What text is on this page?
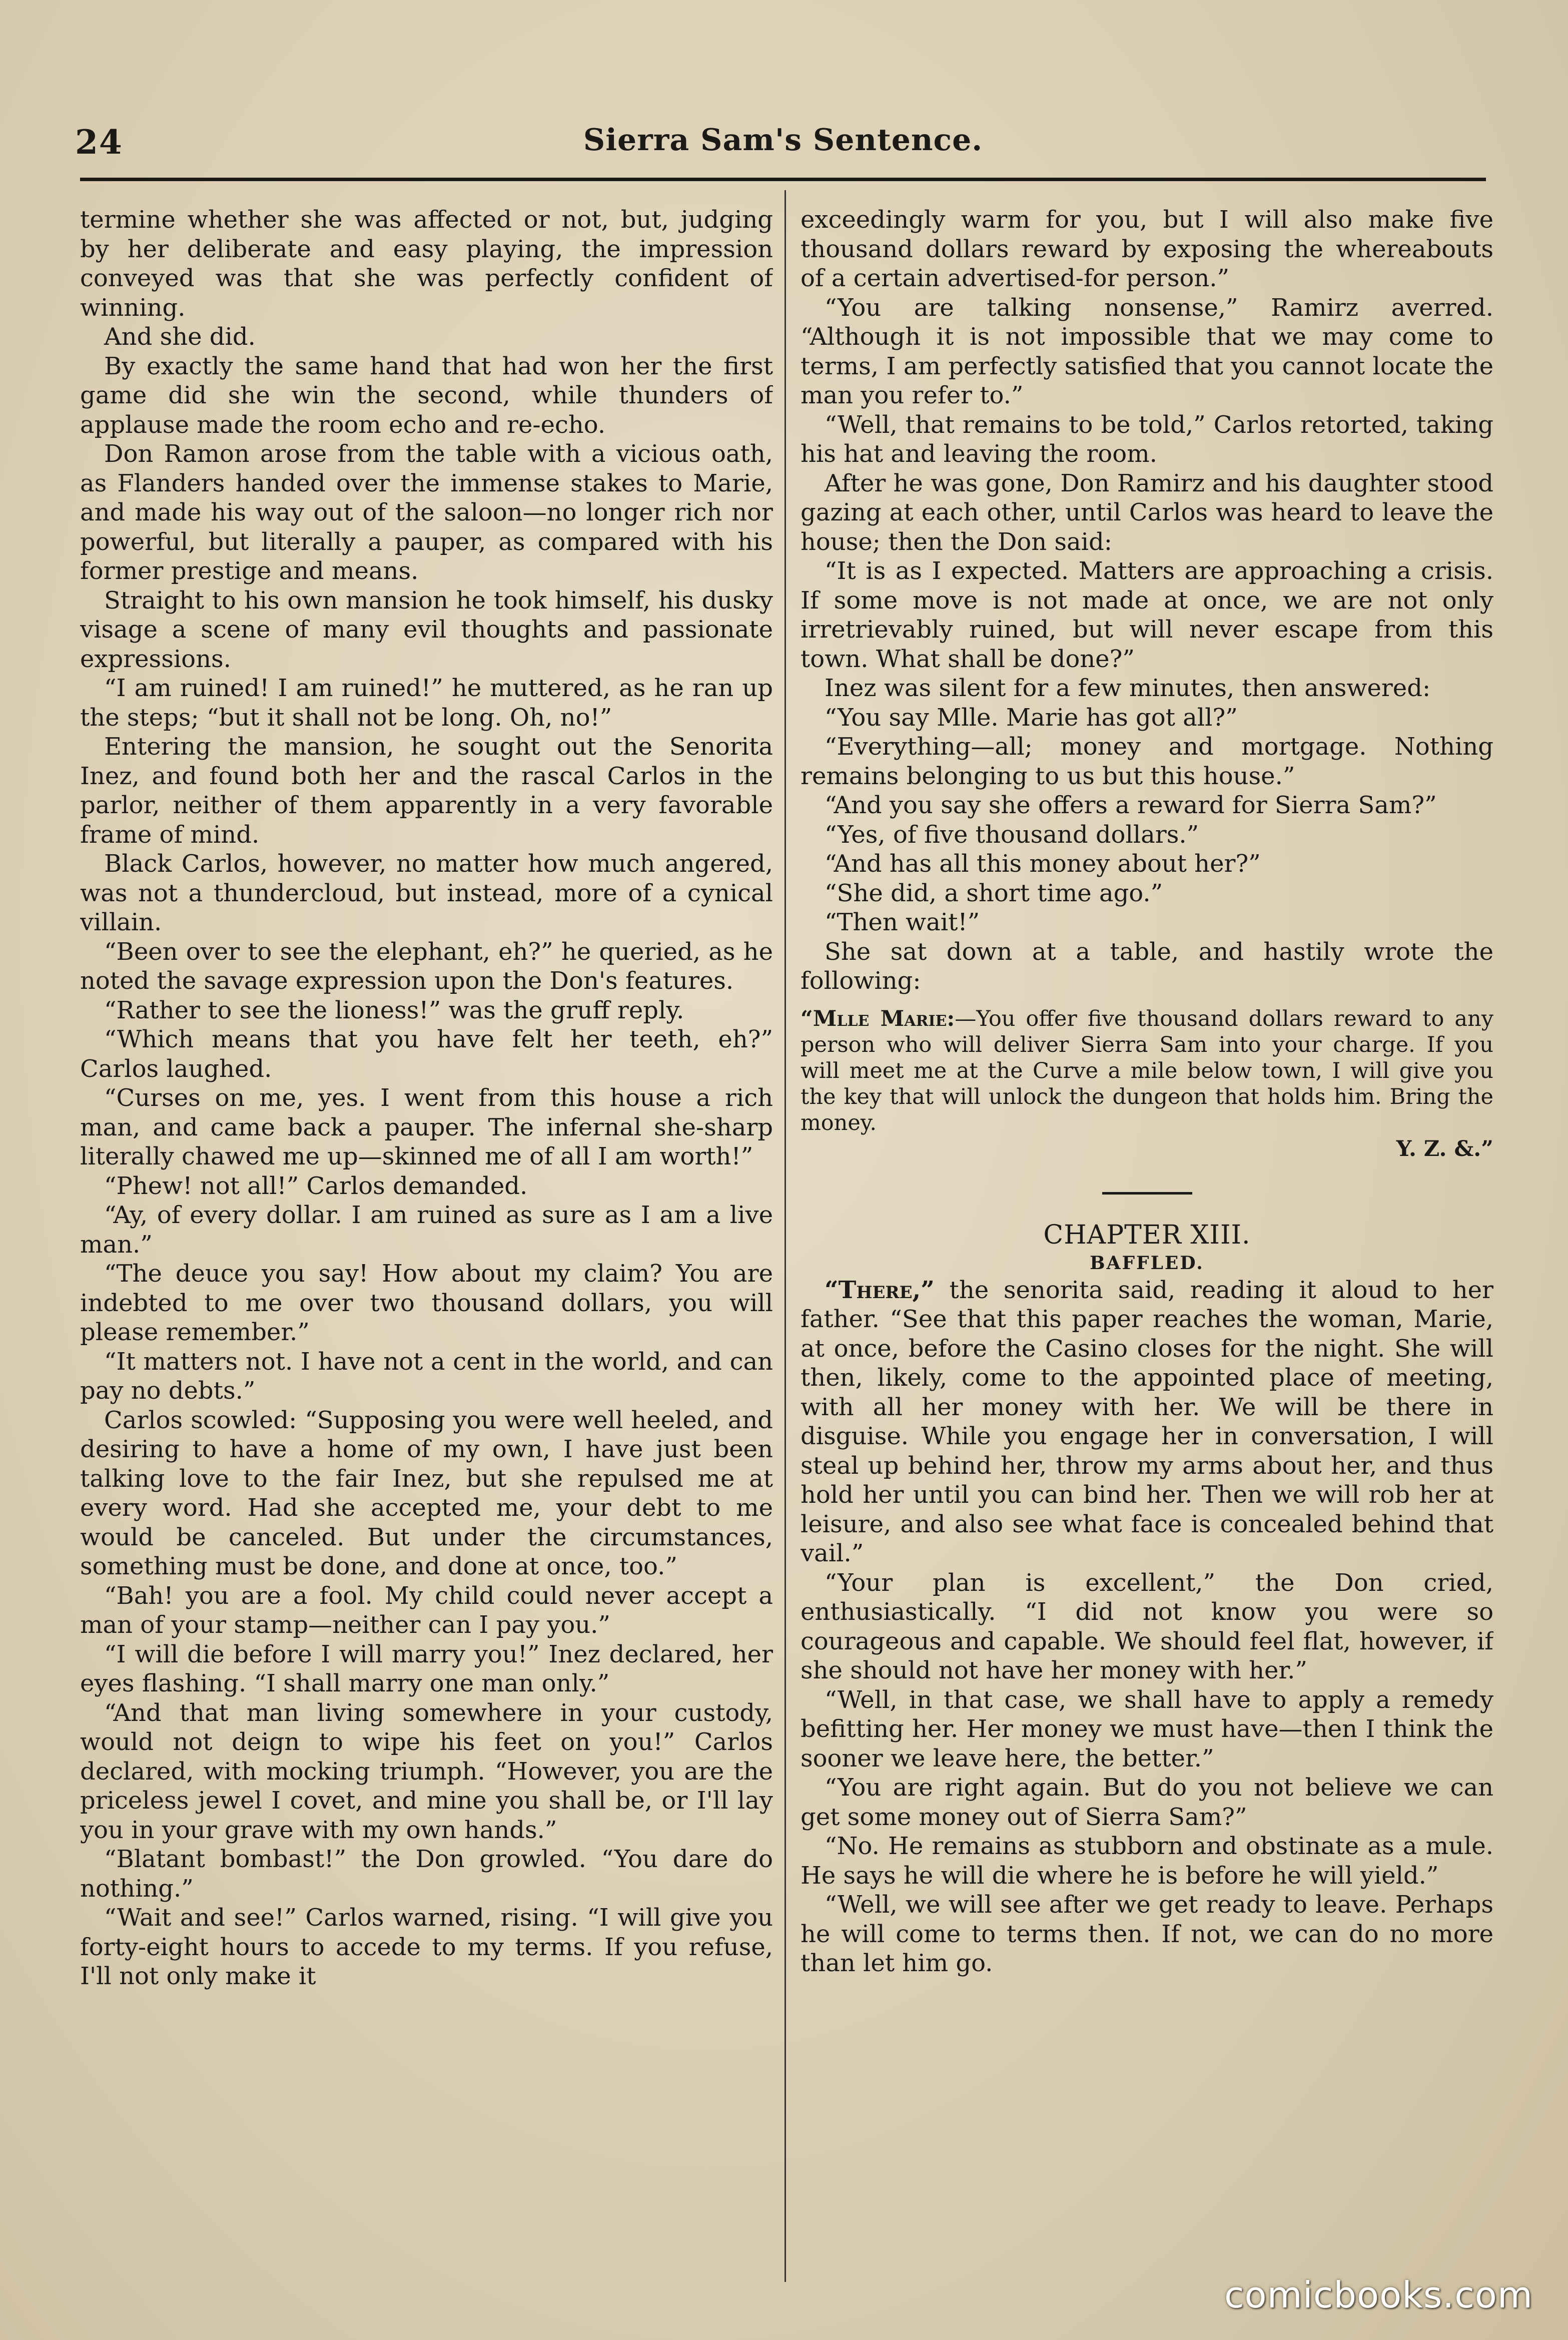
24	Sierra Sam's Sentence.

termine whether she was affected or not, but, judging by her deliberate and easy playing, the impression conveyed was that she was perfectly confident of winning.

And she did.

By exactly the same hand that had won her the first game did she win the second, while thunders of applause made the room echo and re-echo.

Don Ramon arose from the table with a vicious oath, as Flanders handed over the immense stakes to Marie, and made his way out of the saloon—no longer rich nor powerful, but literally a pauper, as compared with his former prestige and means.

Straight to his own mansion he took himself, his dusky visage a scene of many evil thoughts and passionate expressions.

“I am ruined! I am ruined!” he muttered, as he ran up the steps; “but it shall not be long. Oh, no!”

Entering the mansion, he sought out the Senorita Inez, and found both her and the rascal Carlos in the parlor, neither of them apparently in a very favorable frame of mind.

Black Carlos, however, no matter how much angered, was not a thundercloud, but instead, more of a cynical villain.

“Been over to see the elephant, eh?” he queried, as he noted the savage expression upon the Don's features.

“Rather to see the lioness!” was the gruff reply.

“Which means that you have felt her teeth, eh?” Carlos laughed.

“Curses on me, yes. I went from this house a rich man, and came back a pauper. The infernal she-sharp literally chawed me up—skinned me of all I am worth!”

“Phew! not all!” Carlos demanded.

“Ay, of every dollar. I am ruined as sure as I am a live man.”

“The deuce you say! How about my claim? You are indebted to me over two thousand dollars, you will please remember.”

“It matters not. I have not a cent in the world, and can pay no debts.”

Carlos scowled: “Supposing you were well heeled, and desiring to have a home of my own, I have just been talking love to the fair Inez, but she repulsed me at every word. Had she accepted me, your debt to me would be canceled. But under the circumstances, something must be done, and done at once, too.”

“Bah! you are a fool. My child could never accept a man of your stamp—neither can I pay you.”

“I will die before I will marry you!” Inez declared, her eyes flashing. “I shall marry one man only.”

“And that man living somewhere in your custody, would not deign to wipe his feet on you!” Carlos declared, with mocking triumph. “However, you are the priceless jewel I covet, and mine you shall be, or I'll lay you in your grave with my own hands.”

“Blatant bombast!” the Don growled. “You dare do nothing.”

“Wait and see!” Carlos warned, rising. “I will give you forty-eight hours to accede to my terms. If you refuse, I'll not only make it

exceedingly warm for you, but I will also make five thousand dollars reward by exposing the whereabouts of a certain advertised-for person.”

“You are talking nonsense,” Ramirz averred. “Although it is not impossible that we may come to terms, I am perfectly satisfied that you cannot locate the man you refer to.”

“Well, that remains to be told,” Carlos retorted, taking his hat and leaving the room.

After he was gone, Don Ramirz and his daughter stood gazing at each other, until Carlos was heard to leave the house; then the Don said:

“It is as I expected. Matters are approaching a crisis. If some move is not made at once, we are not only irretrievably ruined, but will never escape from this town. What shall be done?”

Inez was silent for a few minutes, then answered:

“You say Mlle. Marie has got all?”

“Everything—all; money and mortgage. Nothing remains belonging to us but this house.”

“And you say she offers a reward for Sierra Sam?”

“Yes, of five thousand dollars.”

“And has all this money about her?”

“She did, a short time ago.”

“Then wait!”

She sat down at a table, and hastily wrote the following:

“Mlle Marie:—You offer five thousand dollars reward to any person who will deliver Sierra Sam into your charge. If you will meet me at the Curve a mile below town, I will give you the key that will unlock the dungeon that holds him. Bring the money.
Y. Z. &.”
CHAPTER XIII.
BAFFLED.

“There,” the senorita said, reading it aloud to her father. “See that this paper reaches the woman, Marie, at once, before the Casino closes for the night. She will then, likely, come to the appointed place of meeting, with all her money with her. We will be there in disguise. While you engage her in conversation, I will steal up behind her, throw my arms about her, and thus hold her until you can bind her. Then we will rob her at leisure, and also see what face is concealed behind that vail.”

“Your plan is excellent,” the Don cried, enthusiastically. “I did not know you were so courageous and capable. We should feel flat, however, if she should not have her money with her.”

“Well, in that case, we shall have to apply a remedy befitting her. Her money we must have—then I think the sooner we leave here, the better.”

“You are right again. But do you not believe we can get some money out of Sierra Sam?”

“No. He remains as stubborn and obstinate as a mule. He says he will die where he is before he will yield.”

“Well, we will see after we get ready to leave. Perhaps he will come to terms then. If not, we can do no more than let him go.

comicbooks.com
